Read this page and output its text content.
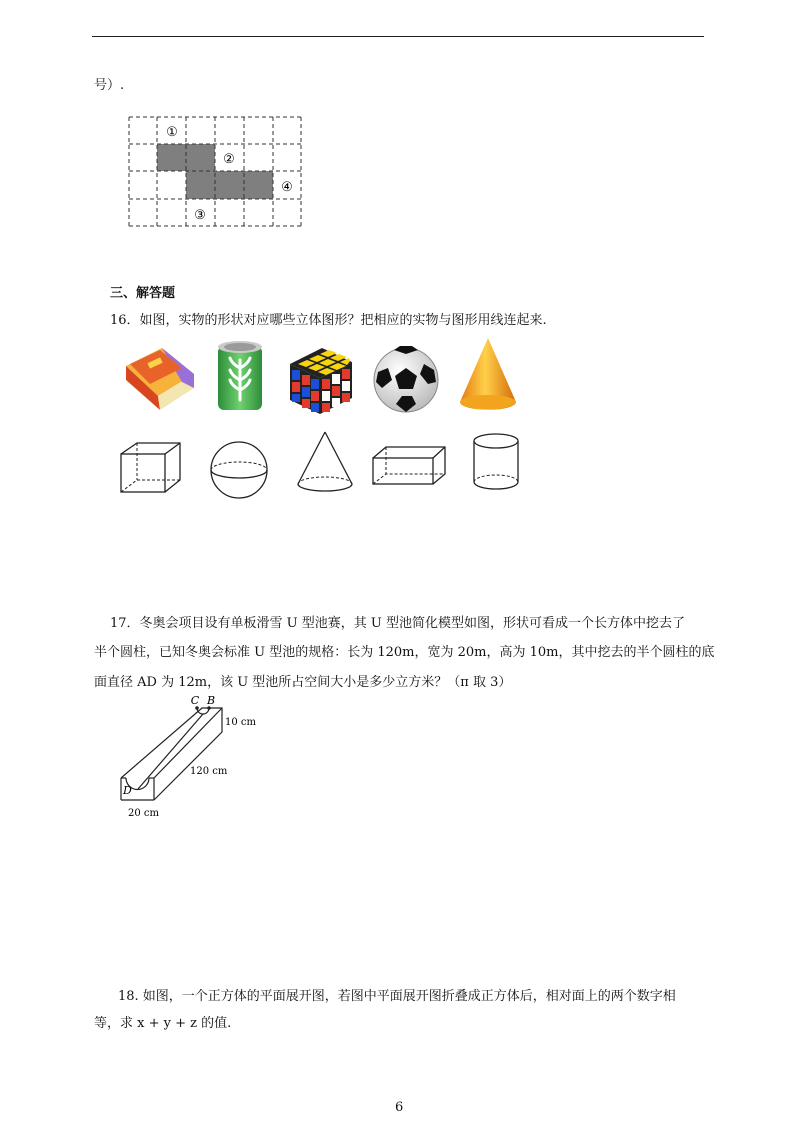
号）.
①
②
③
④
三、解答题
16．如图，实物的形状对应哪些立体图形？把相应的实物与图形用线连起来.
17．冬奥会项目设有单板滑雪 U 型池赛，其 U 型池简化模型如图，形状可看成一个长方体中挖去了
半个圆柱，已知冬奥会标准 U 型池的规格：长为 120m，宽为 20m，高为 10m，其中挖去的半个圆柱的底
面直径 AD 为 12m，该 U 型池所占空间大小是多少立方米？（π 取 3）
C B
D
10 cm
120 cm
20 cm
18. 如图，一个正方体的平面展开图，若图中平面展开图折叠成正方体后，相对面上的两个数字相
等，求 x + y + z 的值.
6
